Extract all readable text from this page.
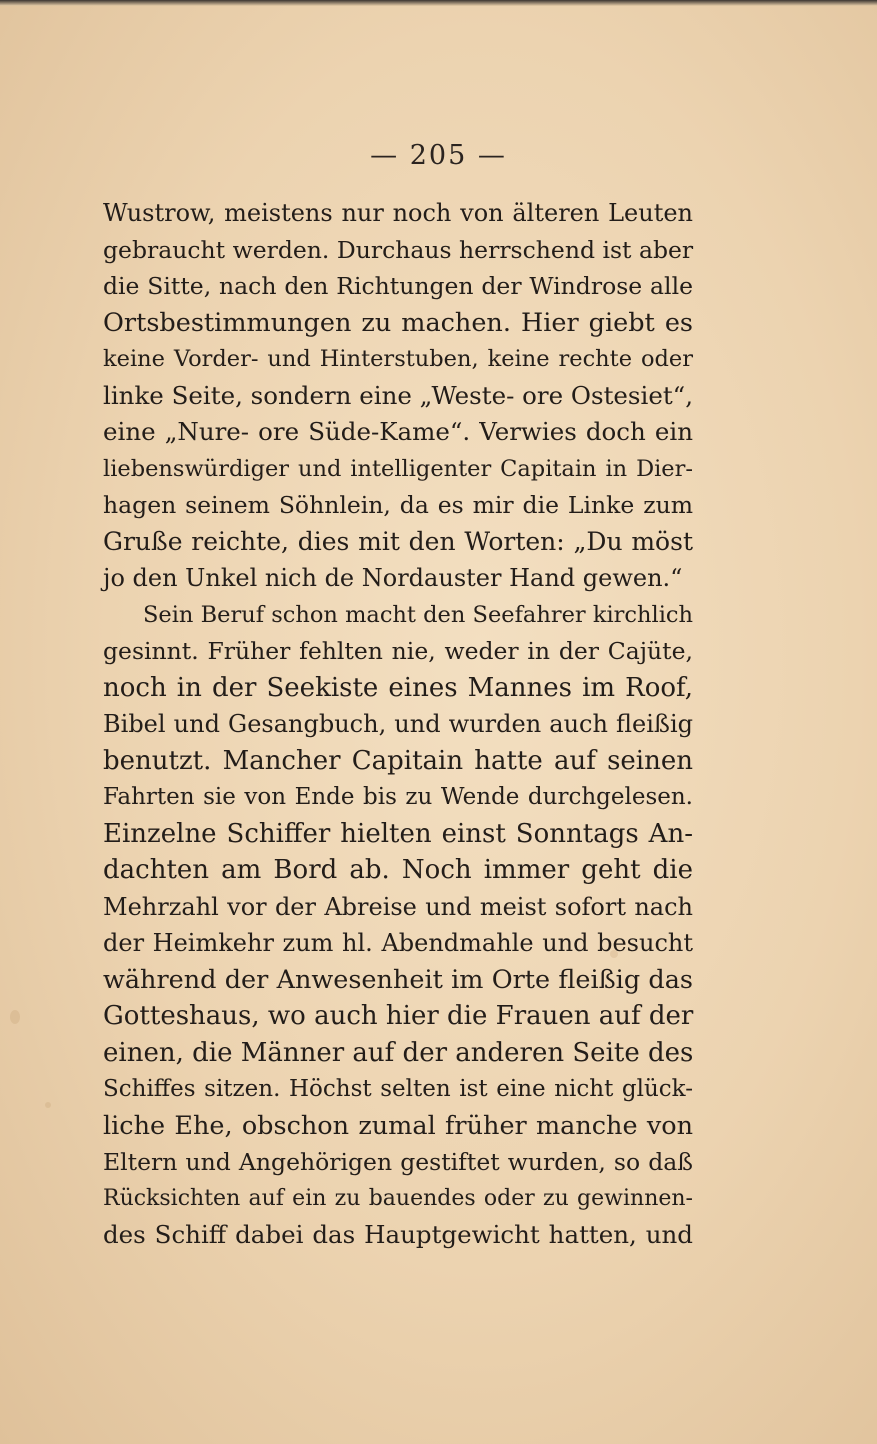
— 205 —
Wustrow, meistens nur noch von älteren Leuten
gebraucht werden. Durchaus herrschend ist aber
die Sitte, nach den Richtungen der Windrose alle
Ortsbestimmungen zu machen. Hier giebt es
keine Vorder- und Hinterstuben, keine rechte oder
linke Seite, sondern eine „Weste- ore Ostesiet“,
eine „Nure- ore Süde-Kame“. Verwies doch ein
liebenswürdiger und intelligenter Capitain in Dier-
hagen seinem Söhnlein, da es mir die Linke zum
Gruße reichte, dies mit den Worten: „Du möst
jo den Unkel nich de Nordauster Hand gewen.“
Sein Beruf schon macht den Seefahrer kirchlich
gesinnt. Früher fehlten nie, weder in der Cajüte,
noch in der Seekiste eines Mannes im Roof,
Bibel und Gesangbuch, und wurden auch fleißig
benutzt. Mancher Capitain hatte auf seinen
Fahrten sie von Ende bis zu Wende durchgelesen.
Einzelne Schiffer hielten einst Sonntags An-
dachten am Bord ab. Noch immer geht die
Mehrzahl vor der Abreise und meist sofort nach
der Heimkehr zum hl. Abendmahle und besucht
während der Anwesenheit im Orte fleißig das
Gotteshaus, wo auch hier die Frauen auf der
einen, die Männer auf der anderen Seite des
Schiffes sitzen. Höchst selten ist eine nicht glück-
liche Ehe, obschon zumal früher manche von
Eltern und Angehörigen gestiftet wurden, so daß
Rücksichten auf ein zu bauendes oder zu gewinnen-
des Schiff dabei das Hauptgewicht hatten, und
